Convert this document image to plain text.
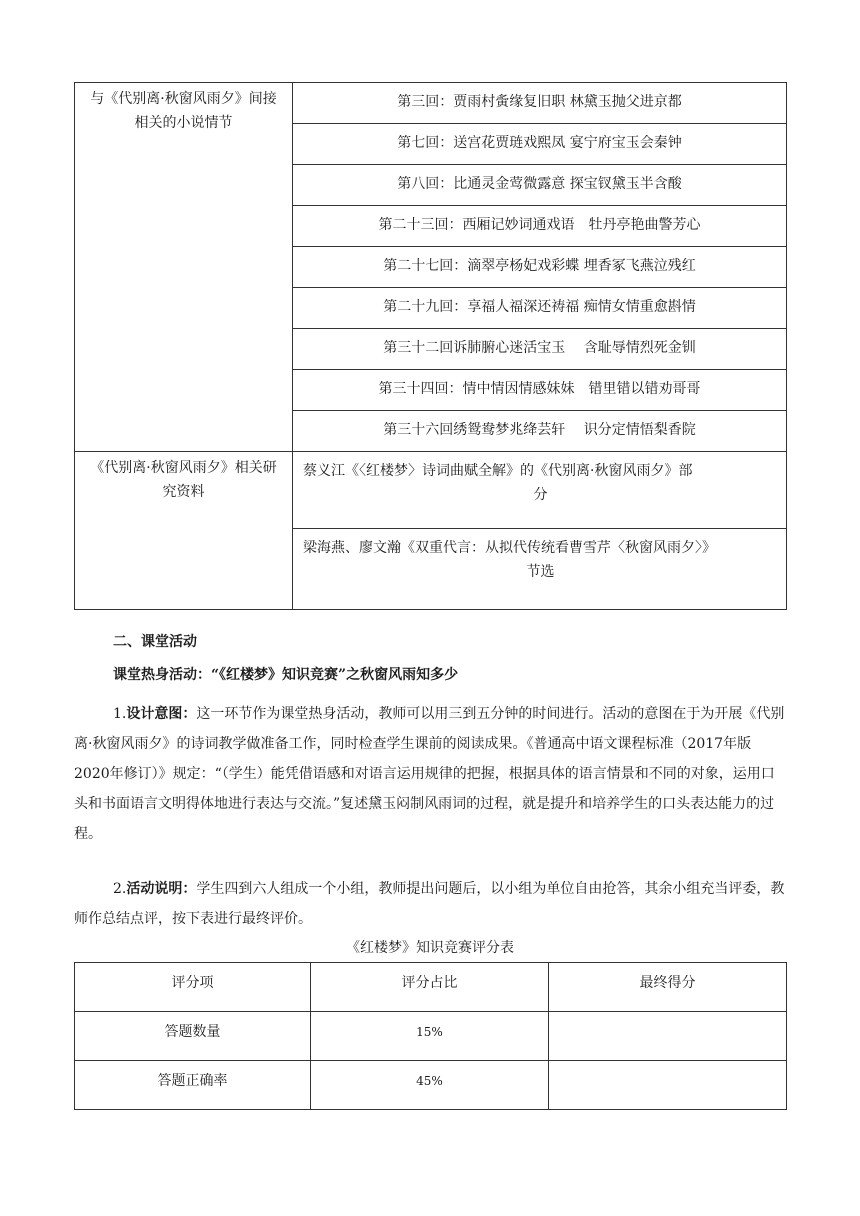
与《代别离·秋窗风雨夕》间接相关的小说情节	第三回：贾雨村夤缘复旧职 林黛玉抛父进京都
	第七回：送宫花贾琏戏熙凤 宴宁府宝玉会秦钟
	第八回：比通灵金莺微露意 探宝钗黛玉半含酸
	第二十三回：西厢记妙词通戏语　牡丹亭艳曲警芳心
	第二十七回：滴翠亭杨妃戏彩蝶 埋香冢飞燕泣残红
	第二十九回：享福人福深还祷福 痴情女情重愈斟情
	第三十二回诉肺腑心迷活宝玉　 含耻辱情烈死金钏
	第三十四回：情中情因情感妹妹　错里错以错劝哥哥
	第三十六回绣鸳鸯梦兆绛芸轩　 识分定情悟梨香院
《代别离·秋窗风雨夕》相关研究资料	蔡义江《〈红楼梦〉诗词曲赋全解》的《代别离·秋窗风雨夕》部
分

	梁海燕、廖文瀚《双重代言：从拟代传统看曹雪芹〈秋窗风雨夕〉》
节选
二、课堂活动
课堂热身活动：“《红楼梦》知识竞赛”之秋窗风雨知多少
1.设计意图：这一环节作为课堂热身活动，教师可以用三到五分钟的时间进行。活动的意图在于为开展《代别离·秋窗风雨夕》的诗词教学做准备工作，同时检查学生课前的阅读成果。《普通高中语文课程标准（2017年版2020年修订）》规定：“（学生）能凭借语感和对语言运用规律的把握，根据具体的语言情景和不同的对象，运用口头和书面语言文明得体地进行表达与交流。”复述黛玉闷制风雨词的过程，就是提升和培养学生的口头表达能力的过程。
2.活动说明：学生四到六人组成一个小组，教师提出问题后，以小组为单位自由抢答，其余小组充当评委，教师作总结点评，按下表进行最终评价。
《红楼梦》知识竞赛评分表
评分项	评分占比	最终得分
答题数量	15%	
答题正确率	45%	
